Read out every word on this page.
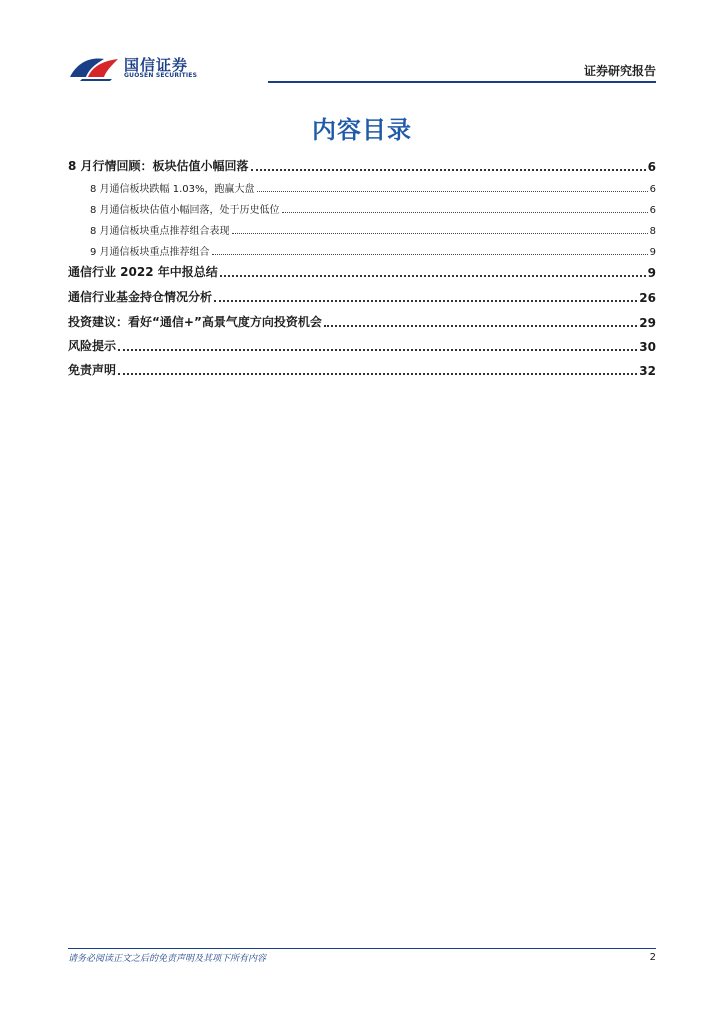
国信证券
GUOSEN SECURITIES	证券研究报告
内容目录
8 月行情回顾：板块估值小幅回落	6
8 月通信板块跌幅 1.03%，跑赢大盘	6
8 月通信板块估值小幅回落，处于历史低位	6
8 月通信板块重点推荐组合表现	8
9 月通信板块重点推荐组合	9
通信行业 2022 年中报总结	9
通信行业基金持仓情况分析	26
投资建议：看好“通信+”高景气度方向投资机会	29
风险提示	30
免责声明	32
请务必阅读正文之后的免责声明及其项下所有内容	2
